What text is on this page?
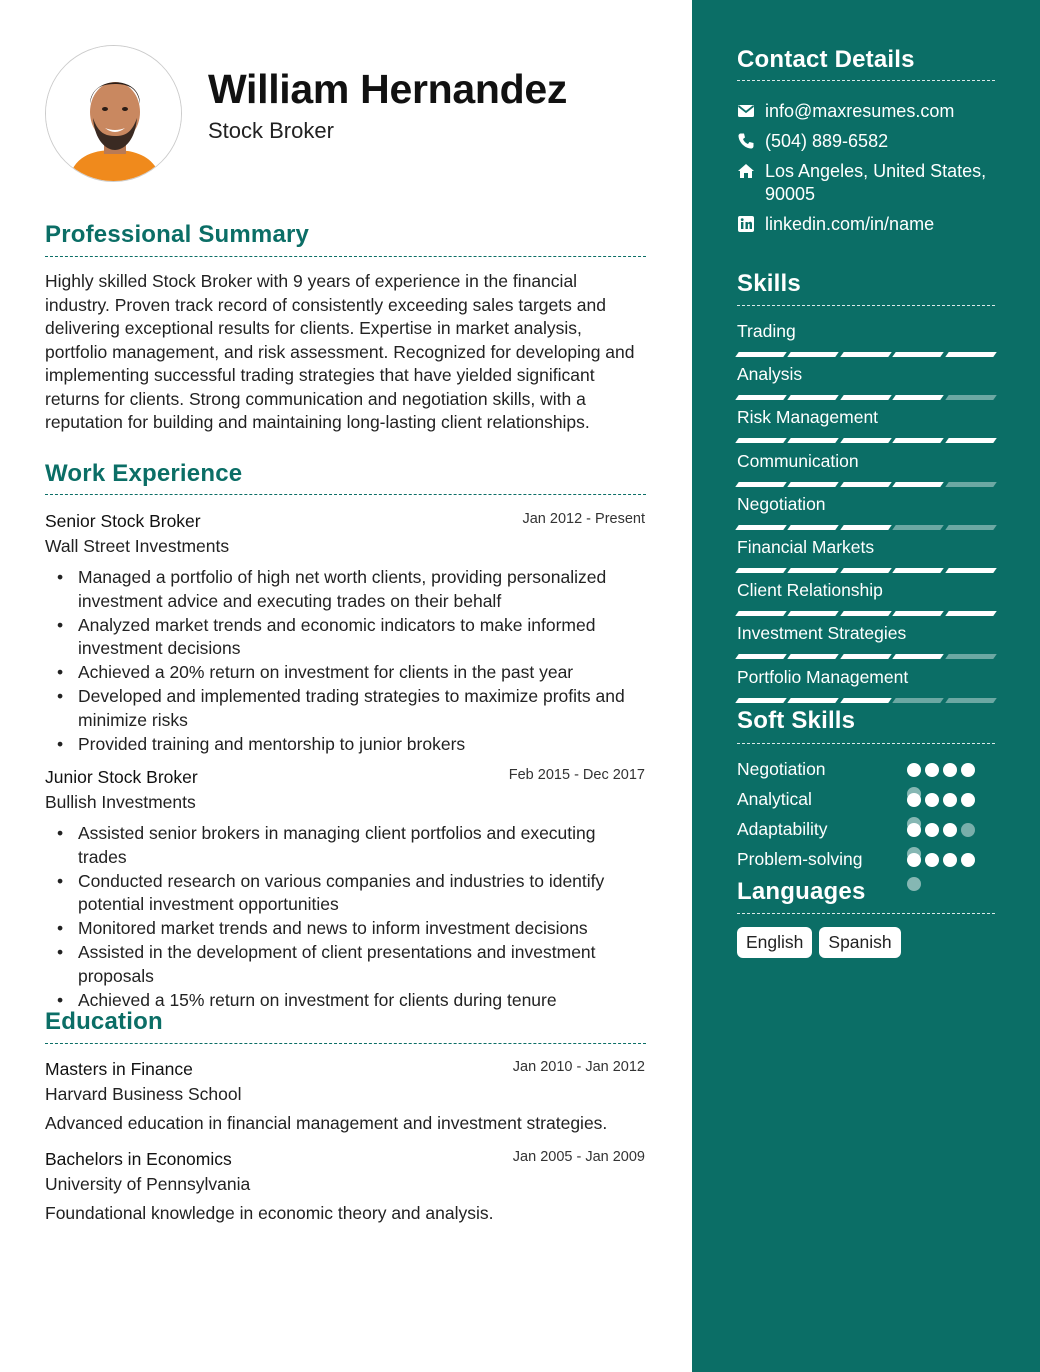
William Hernandez
Stock Broker
Professional Summary
Highly skilled Stock Broker with 9 years of experience in the financial industry. Proven track record of consistently exceeding sales targets and delivering exceptional results for clients. Expertise in market analysis, portfolio management, and risk assessment. Recognized for developing and implementing successful trading strategies that have yielded significant returns for clients. Strong communication and negotiation skills, with a reputation for building and maintaining long-lasting client relationships.
Work Experience
Senior Stock Broker	Jan 2012 - Present
Wall Street Investments
• Managed a portfolio of high net worth clients, providing personalized investment advice and executing trades on their behalf
• Analyzed market trends and economic indicators to make informed investment decisions
• Achieved a 20% return on investment for clients in the past year
• Developed and implemented trading strategies to maximize profits and minimize risks
• Provided training and mentorship to junior brokers
Junior Stock Broker	Feb 2015 - Dec 2017
Bullish Investments
• Assisted senior brokers in managing client portfolios and executing trades
• Conducted research on various companies and industries to identify potential investment opportunities
• Monitored market trends and news to inform investment decisions
• Assisted in the development of client presentations and investment proposals
• Achieved a 15% return on investment for clients during tenure
Education
Masters in Finance	Jan 2010 - Jan 2012
Harvard Business School
Advanced education in financial management and investment strategies.
Bachelors in Economics	Jan 2005 - Jan 2009
University of Pennsylvania
Foundational knowledge in economic theory and analysis.
Contact Details
info@maxresumes.com
(504) 889-6582
Los Angeles, United States, 90005
linkedin.com/in/name
Skills
Trading
Analysis
Risk Management
Communication
Negotiation
Financial Markets
Client Relationship
Investment Strategies
Portfolio Management
Soft Skills
Negotiation
Analytical
Adaptability
Problem-solving
Languages
English	Spanish
